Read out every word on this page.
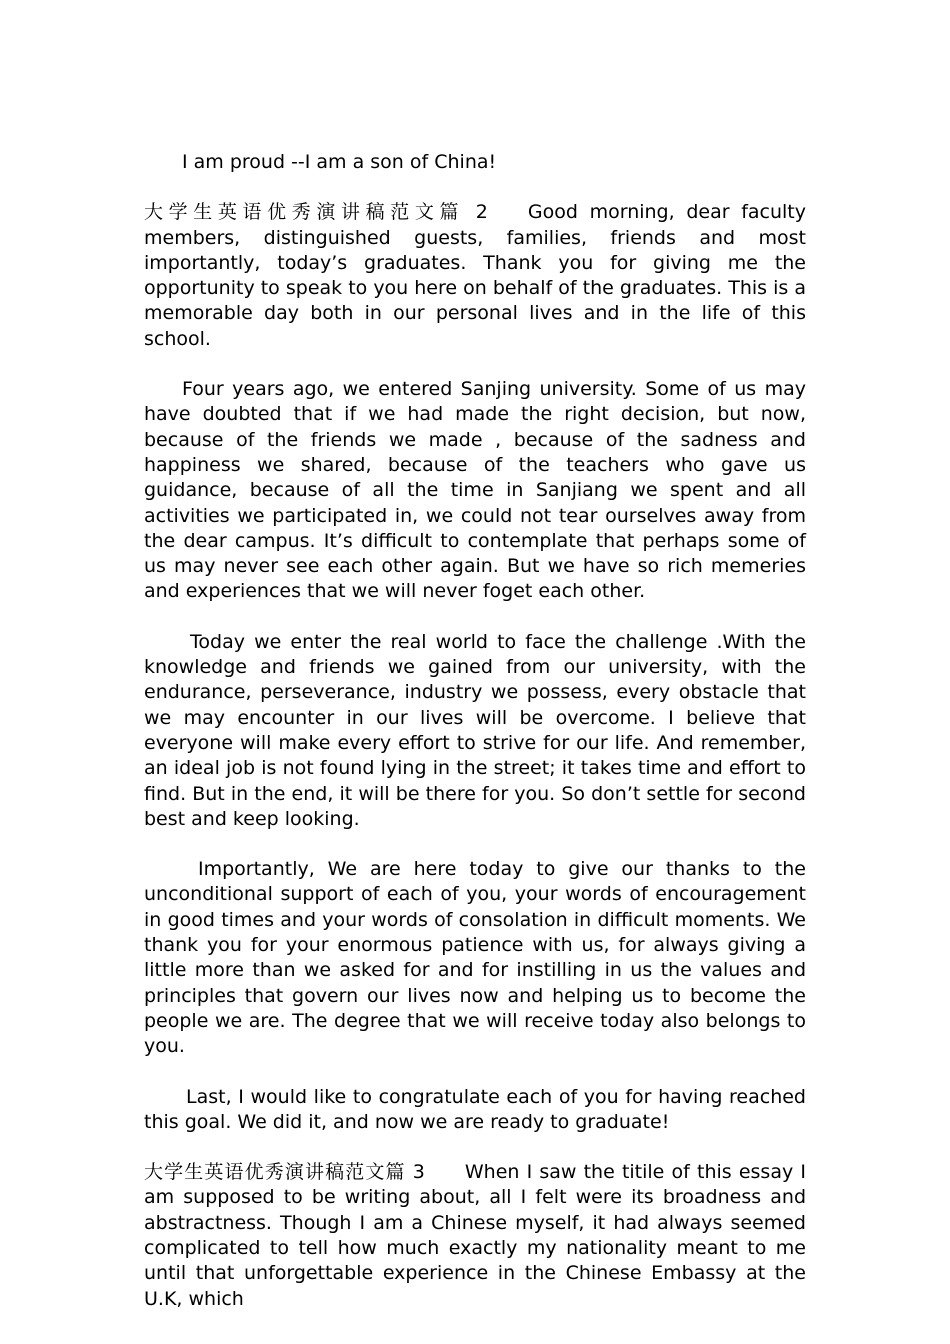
I am proud --I am a son of China!

大学生英语优秀演讲稿范文篇 2 Good morning, dear faculty members, distinguished guests, families, friends and most importantly, today’s graduates. Thank you for giving me the opportunity to speak to you here on behalf of the graduates. This is a memorable day both in our personal lives and in the life of this school.

Four years ago, we entered Sanjing university. Some of us may have doubted that if we had made the right decision, but now, because of the friends we made , because of the sadness and happiness we shared, because of the teachers who gave us guidance, because of all the time in Sanjiang we spent and all activities we participated in, we could not tear ourselves away from the dear campus. It’s difficult to contemplate that perhaps some of us may never see each other again. But we have so rich memeries and experiences that we will never foget each other.

Today we enter the real world to face the challenge .With the knowledge and friends we gained from our university, with the endurance, perseverance, industry we possess, every obstacle that we may encounter in our lives will be overcome. I believe that everyone will make every effort to strive for our life. And remember, an ideal job is not found lying in the street; it takes time and effort to find. But in the end, it will be there for you. So don’t settle for second best and keep looking.

Importantly, We are here today to give our thanks to the unconditional support of each of you, your words of encouragement in good times and your words of consolation in difficult moments. We thank you for your enormous patience with us, for always giving a little more than we asked for and for instilling in us the values and principles that govern our lives now and helping us to become the people we are. The degree that we will receive today also belongs to you.

Last, I would like to congratulate each of you for having reached this goal. We did it, and now we are ready to graduate!

大学生英语优秀演讲稿范文篇 3 When I saw the titile of this essay I am supposed to be writing about, all I felt were its broadness and abstractness. Though I am a Chinese myself, it had always seemed complicated to tell how much exactly my nationality meant to me until that unforgettable experience in the Chinese Embassy at the U.K, which
